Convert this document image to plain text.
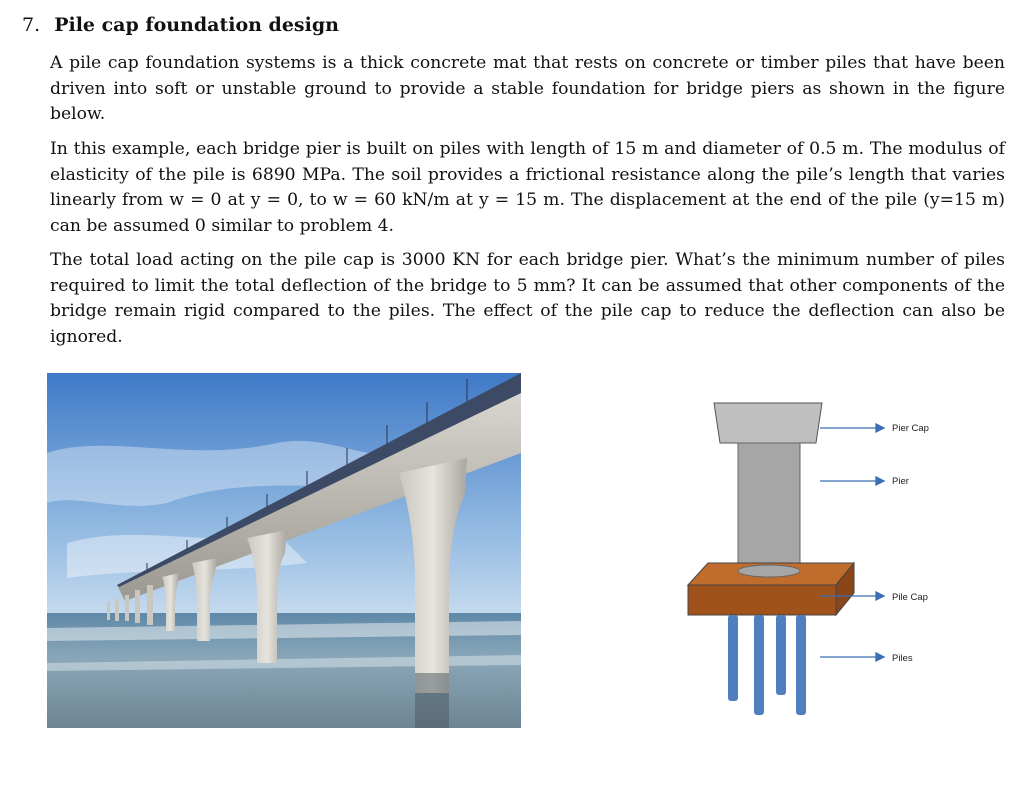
7. Pile cap foundation design

A pile cap foundation systems is a thick concrete mat that rests on concrete or timber piles that have been driven into soft or unstable ground to provide a stable foundation for bridge piers as shown in the figure below.

In this example, each bridge pier is built on piles with length of 15 m and diameter of 0.5 m. The modulus of elasticity of the pile is 6890 MPa. The soil provides a frictional resistance along the pile’s length that varies linearly from w = 0 at y = 0, to w = 60 kN/m at y = 15 m. The displacement at the end of the pile (y=15 m) can be assumed 0 similar to problem 4.

The total load acting on the pile cap is 3000 KN for each bridge pier. What’s the minimum number of piles required to limit the total deflection of the bridge to 5 mm? It can be assumed that other components of the bridge remain rigid compared to the piles. The effect of the pile cap to reduce the deflection can also be ignored.

Pier Cap
Pier
Pile Cap
Piles
